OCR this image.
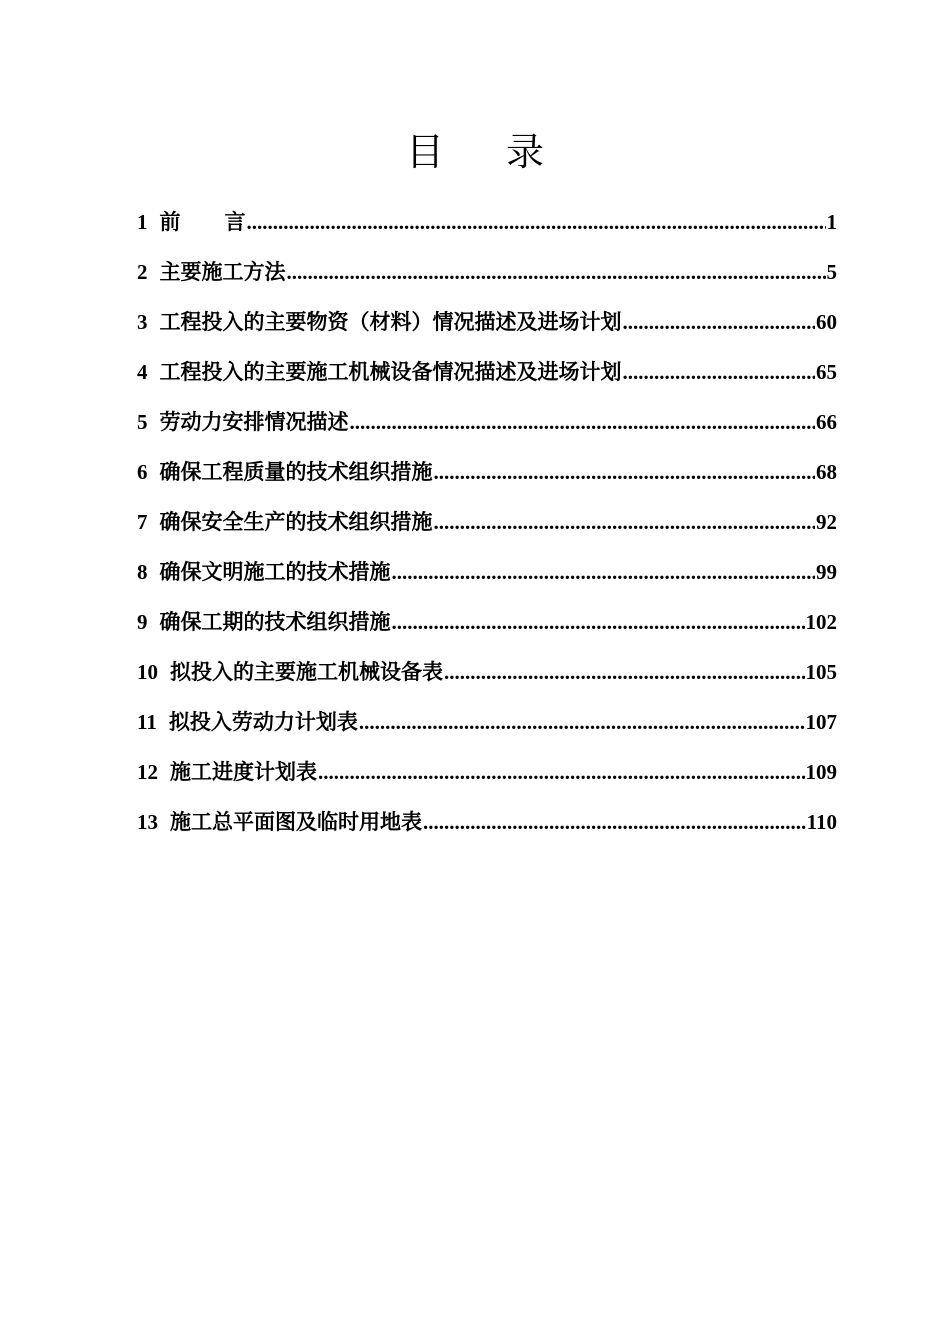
目 录
1 前 言 .....	1
2 主要施工方法 .....	5
3 工程投入的主要物资（材料）情况描述及进场计划 .....	60
4 工程投入的主要施工机械设备情况描述及进场计划 .....	65
5 劳动力安排情况描述 .....	66
6 确保工程质量的技术组织措施 .....	68
7 确保安全生产的技术组织措施 .....	92
8 确保文明施工的技术措施 .....	99
9 确保工期的技术组织措施 .....	102
10 拟投入的主要施工机械设备表 .....	105
11 拟投入劳动力计划表 .....	107
12 施工进度计划表 .....	109
13 施工总平面图及临时用地表 .....	110
